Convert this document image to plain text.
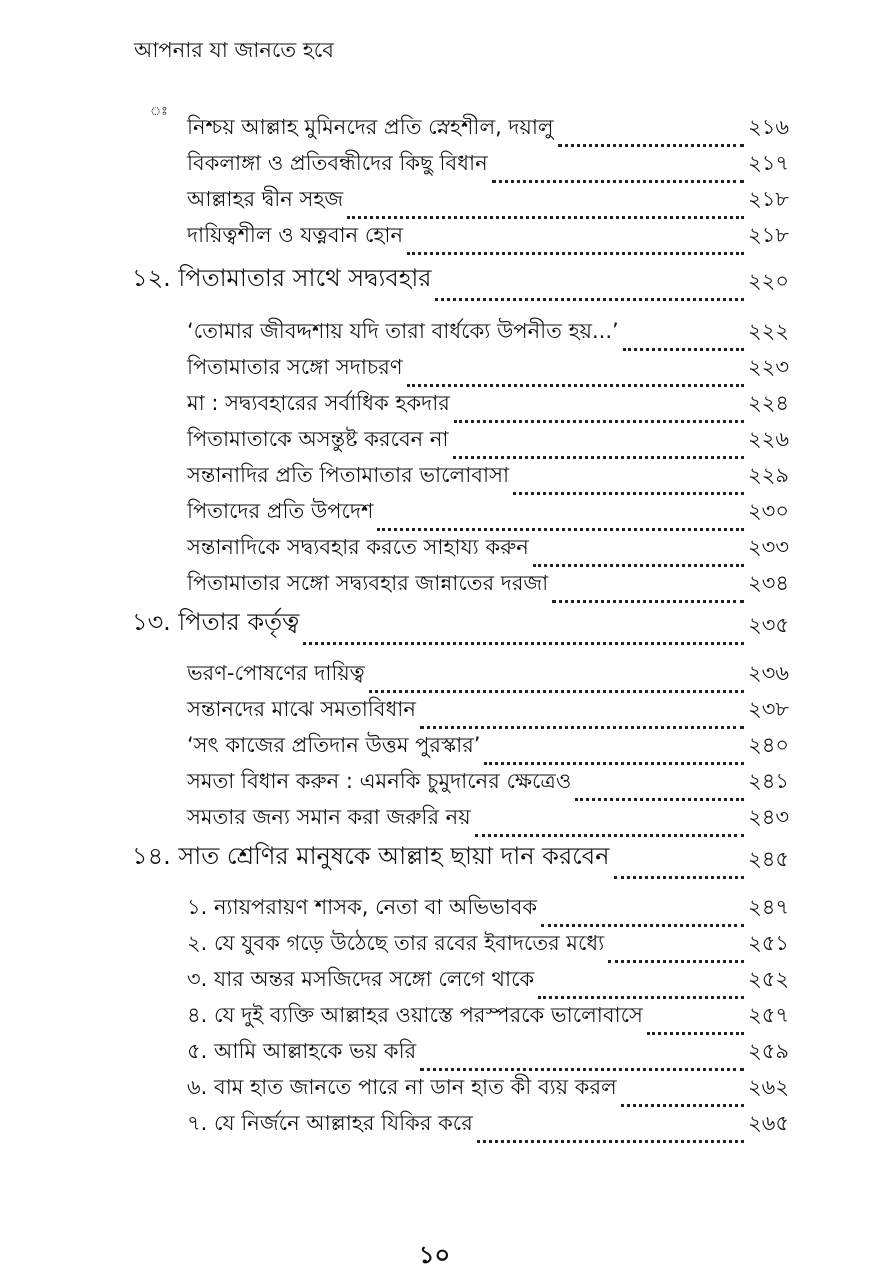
আপনার যা জানতে হবে
ঃ
নিশ্চয় আল্লাহ মুমিনদের প্রতি স্নেহশীল, দয়ালু	২১৬
বিকলাঙ্গা ও প্রতিবন্ধীদের কিছু বিধান	২১৭
আল্লাহর দ্বীন সহজ	২১৮
দায়িত্বশীল ও যত্নবান হোন	২১৮
১২. পিতামাতার সাথে সদ্ব্যবহার	২২০
‘তোমার জীবদ্দশায় যদি তারা বার্ধক্যে উপনীত হয়...’	২২২
পিতামাতার সঙ্গো সদাচরণ	২২৩
মা : সদ্ব্যবহারের সর্বাধিক হকদার	২২৪
পিতামাতাকে অসন্তুষ্ট করবেন না	২২৬
সন্তানাদির প্রতি পিতামাতার ভালোবাসা	২২৯
পিতাদের প্রতি উপদেশ	২৩০
সন্তানাদিকে সদ্ব্যবহার করতে সাহায্য করুন	২৩৩
পিতামাতার সঙ্গো সদ্ব্যবহার জান্নাতের দরজা	২৩৪
১৩. পিতার কর্তৃত্ব	২৩৫
ভরণ-পোষণের দায়িত্ব	২৩৬
সন্তানদের মাঝে সমতাবিধান	২৩৮
‘সৎ কাজের প্রতিদান উত্তম পুরস্কার’	২৪০
সমতা বিধান করুন : এমনকি চুমুদানের ক্ষেত্রেও	২৪১
সমতার জন্য সমান করা জরুরি নয়	২৪৩
১৪. সাত শ্রেণির মানুষকে আল্লাহ ছায়া দান করবেন	২৪৫
১. ন্যায়পরায়ণ শাসক, নেতা বা অভিভাবক	২৪৭
২. যে যুবক গড়ে উঠেছে তার রবের ইবাদতের মধ্যে	২৫১
৩. যার অন্তর মসজিদের সঙ্গো লেগে থাকে	২৫২
৪. যে দুই ব্যক্তি আল্লাহর ওয়াস্তে পরস্পরকে ভালোবাসে	২৫৭
৫. আমি আল্লাহকে ভয় করি	২৫৯
৬. বাম হাত জানতে পারে না ডান হাত কী ব্যয় করল	২৬২
৭. যে নির্জনে আল্লাহর যিকির করে	২৬৫
১০
